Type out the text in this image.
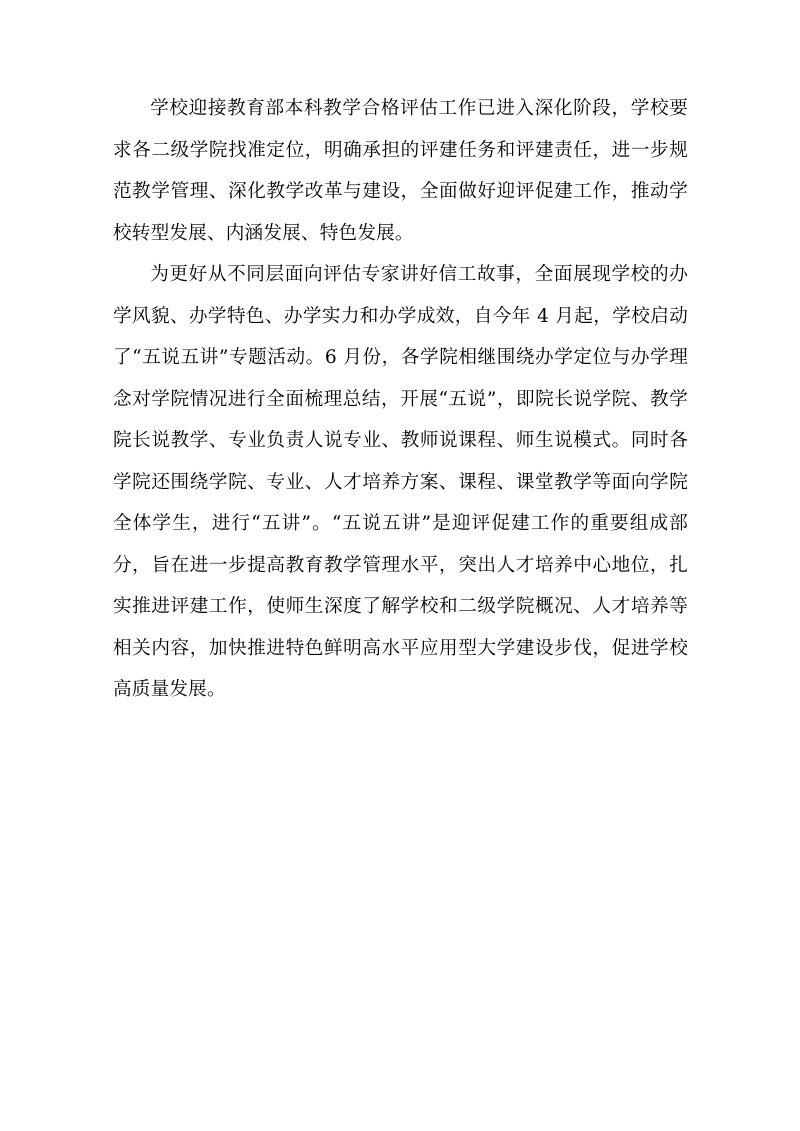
学校迎接教育部本科教学合格评估工作已进入深化阶段，学校要求各二级学院找准定位，明确承担的评建任务和评建责任，进一步规范教学管理、深化教学改革与建设，全面做好迎评促建工作，推动学校转型发展、内涵发展、特色发展。

为更好从不同层面向评估专家讲好信工故事，全面展现学校的办学风貌、办学特色、办学实力和办学成效，自今年 4 月起，学校启动了“五说五讲”专题活动。6 月份，各学院相继围绕办学定位与办学理念对学院情况进行全面梳理总结，开展“五说”，即院长说学院、教学院长说教学、专业负责人说专业、教师说课程、师生说模式。同时各学院还围绕学院、专业、人才培养方案、课程、课堂教学等面向学院全体学生，进行“五讲”。“五说五讲”是迎评促建工作的重要组成部分，旨在进一步提高教育教学管理水平，突出人才培养中心地位，扎实推进评建工作，使师生深度了解学校和二级学院概况、人才培养等相关内容，加快推进特色鲜明高水平应用型大学建设步伐，促进学校高质量发展。
